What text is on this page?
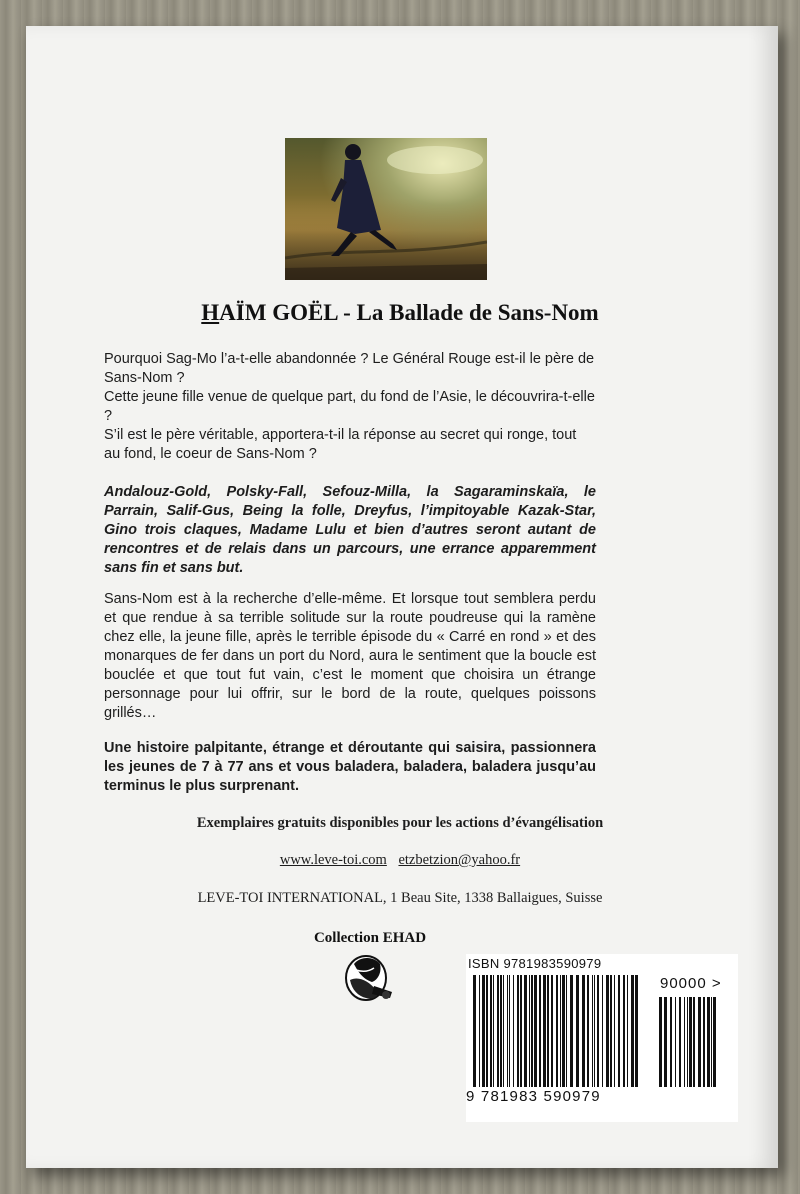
HAÏM GOËL - La Ballade de Sans-Nom

Pourquoi Sag-Mo l’a-t-elle abandonnée ? Le Général Rouge est-il le père de Sans-Nom ?

Cette jeune fille venue de quelque part, du fond de l’Asie, le découvrira-t-elle ?

S’il est le père véritable, apportera-t-il la réponse au secret qui ronge, tout au fond, le coeur de Sans-Nom ?

Andalouz-Gold, Polsky-Fall, Sefouz-Milla, la Sagaraminskaïa, le Parrain, Salif-Gus, Being la folle, Dreyfus, l’impitoyable Kazak-Star, Gino trois claques, Madame Lulu et bien d’autres seront autant de rencontres et de relais dans un parcours, une errance apparemment sans fin et sans but.

Sans-Nom est à la recherche d’elle-même. Et lorsque tout semblera perdu et que rendue à sa terrible solitude sur la route poudreuse qui la ramène chez elle, la jeune fille, après le terrible épisode du « Carré en rond » et des monarques de fer dans un port du Nord, aura le sentiment que la boucle est bouclée et que tout fut vain, c’est le moment que choisira un étrange personnage pour lui offrir, sur le bord de la route, quelques poissons grillés…

Une histoire palpitante, étrange et déroutante qui saisira, passionnera les jeunes de 7 à 77 ans et vous baladera, baladera, baladera jusqu’au terminus le plus surprenant.

Exemplaires gratuits disponibles pour les actions d’évangélisation
www.leve-toi.com etzbetzion@yahoo.fr
LEVE-TOI INTERNATIONAL, 1 Beau Site, 1338 Ballaigues, Suisse
Collection EHAD
ISBN 9781983590979
9 781983 590979
90000 >
